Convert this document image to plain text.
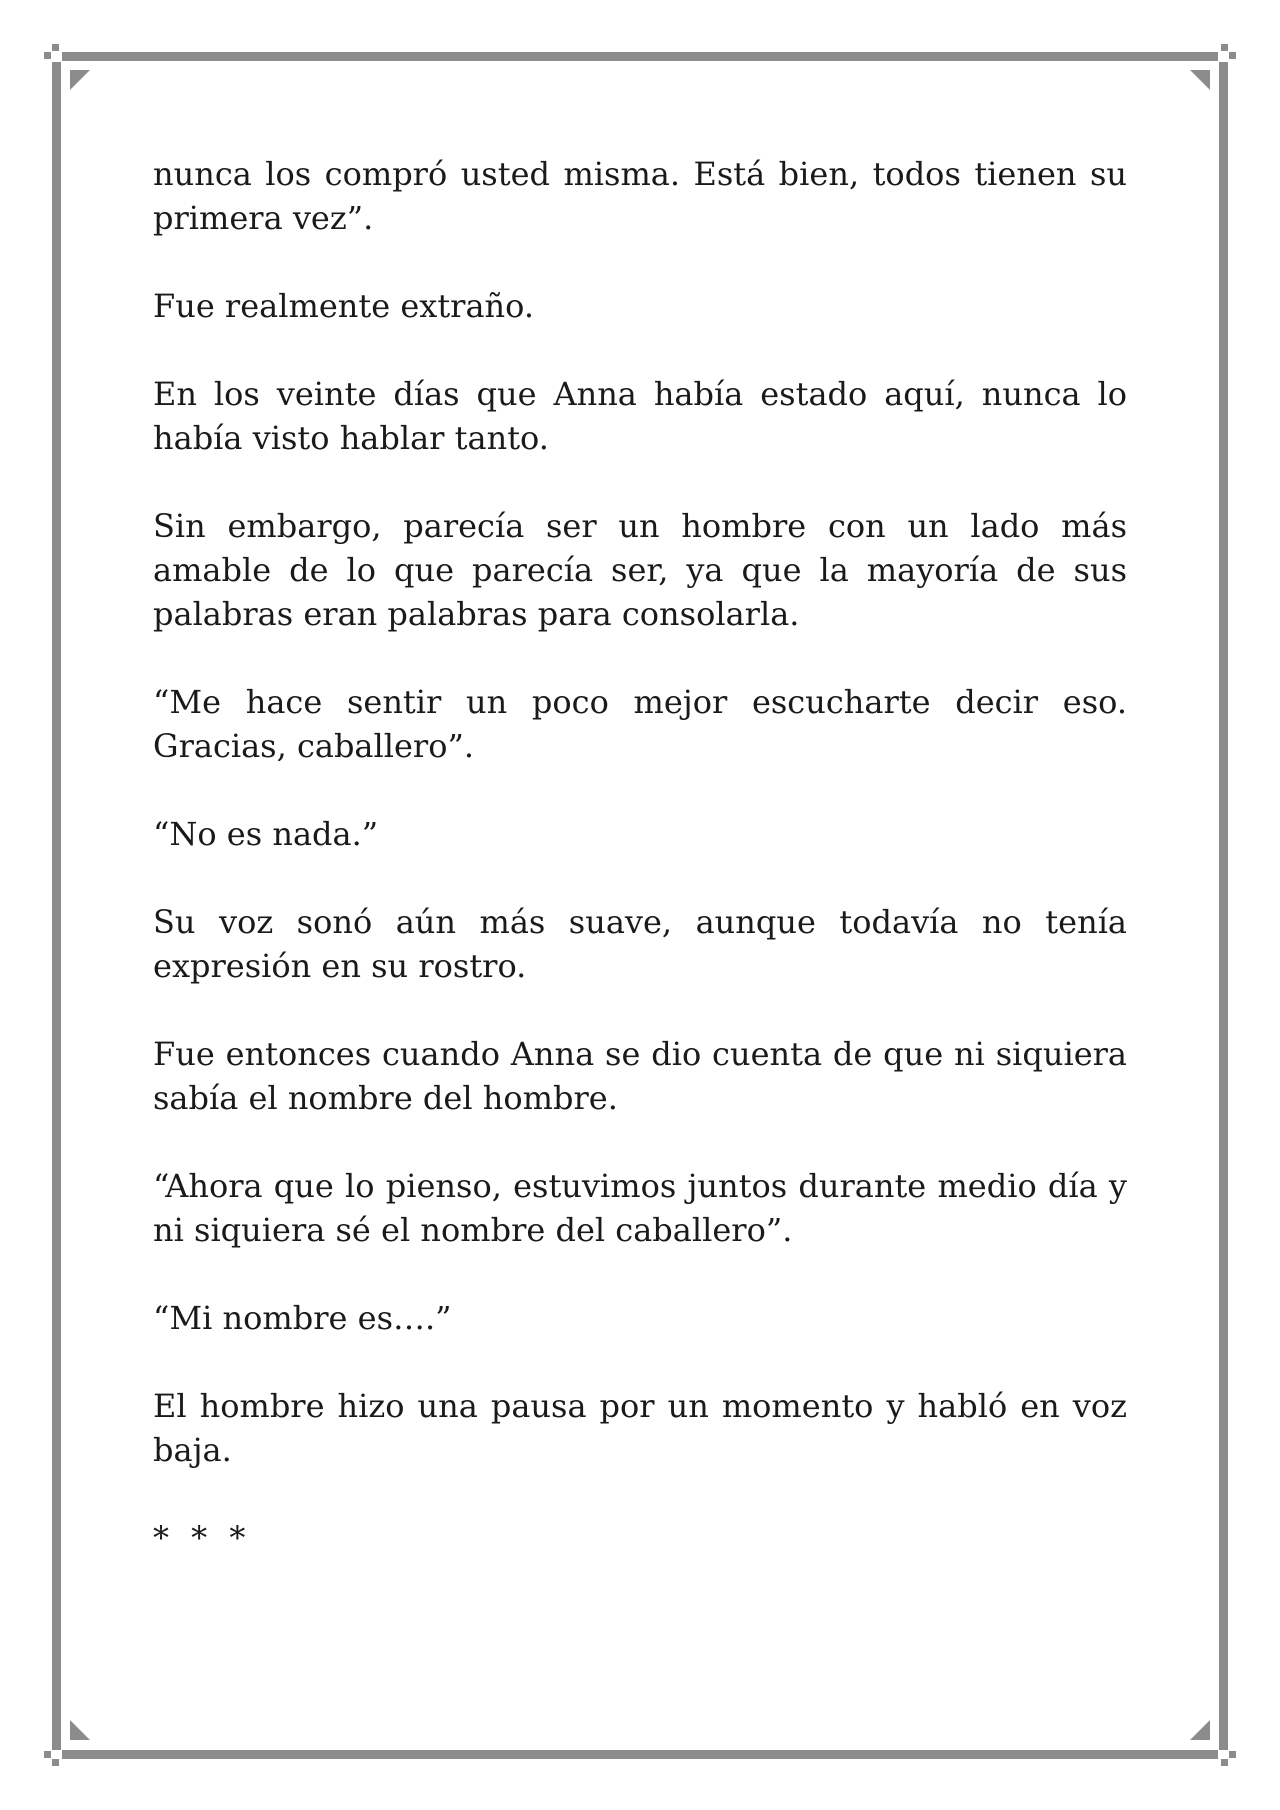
nunca los compró usted misma. Está bien, todos tienen su primera vez”.

Fue realmente extraño.

En los veinte días que Anna había estado aquí, nunca lo había visto hablar tanto.

Sin embargo, parecía ser un hombre con un lado más amable de lo que parecía ser, ya que la mayoría de sus palabras eran palabras para consolarla.

“Me hace sentir un poco mejor escucharte decir eso. Gracias, caballero”.

“No es nada.”

Su voz sonó aún más suave, aunque todavía no tenía expresión en su rostro.

Fue entonces cuando Anna se dio cuenta de que ni siquiera sabía el nombre del hombre.

“Ahora que lo pienso, estuvimos juntos durante medio día y ni siquiera sé el nombre del caballero”.

“Mi nombre es….”

El hombre hizo una pausa por un momento y habló en voz baja.

* * *
